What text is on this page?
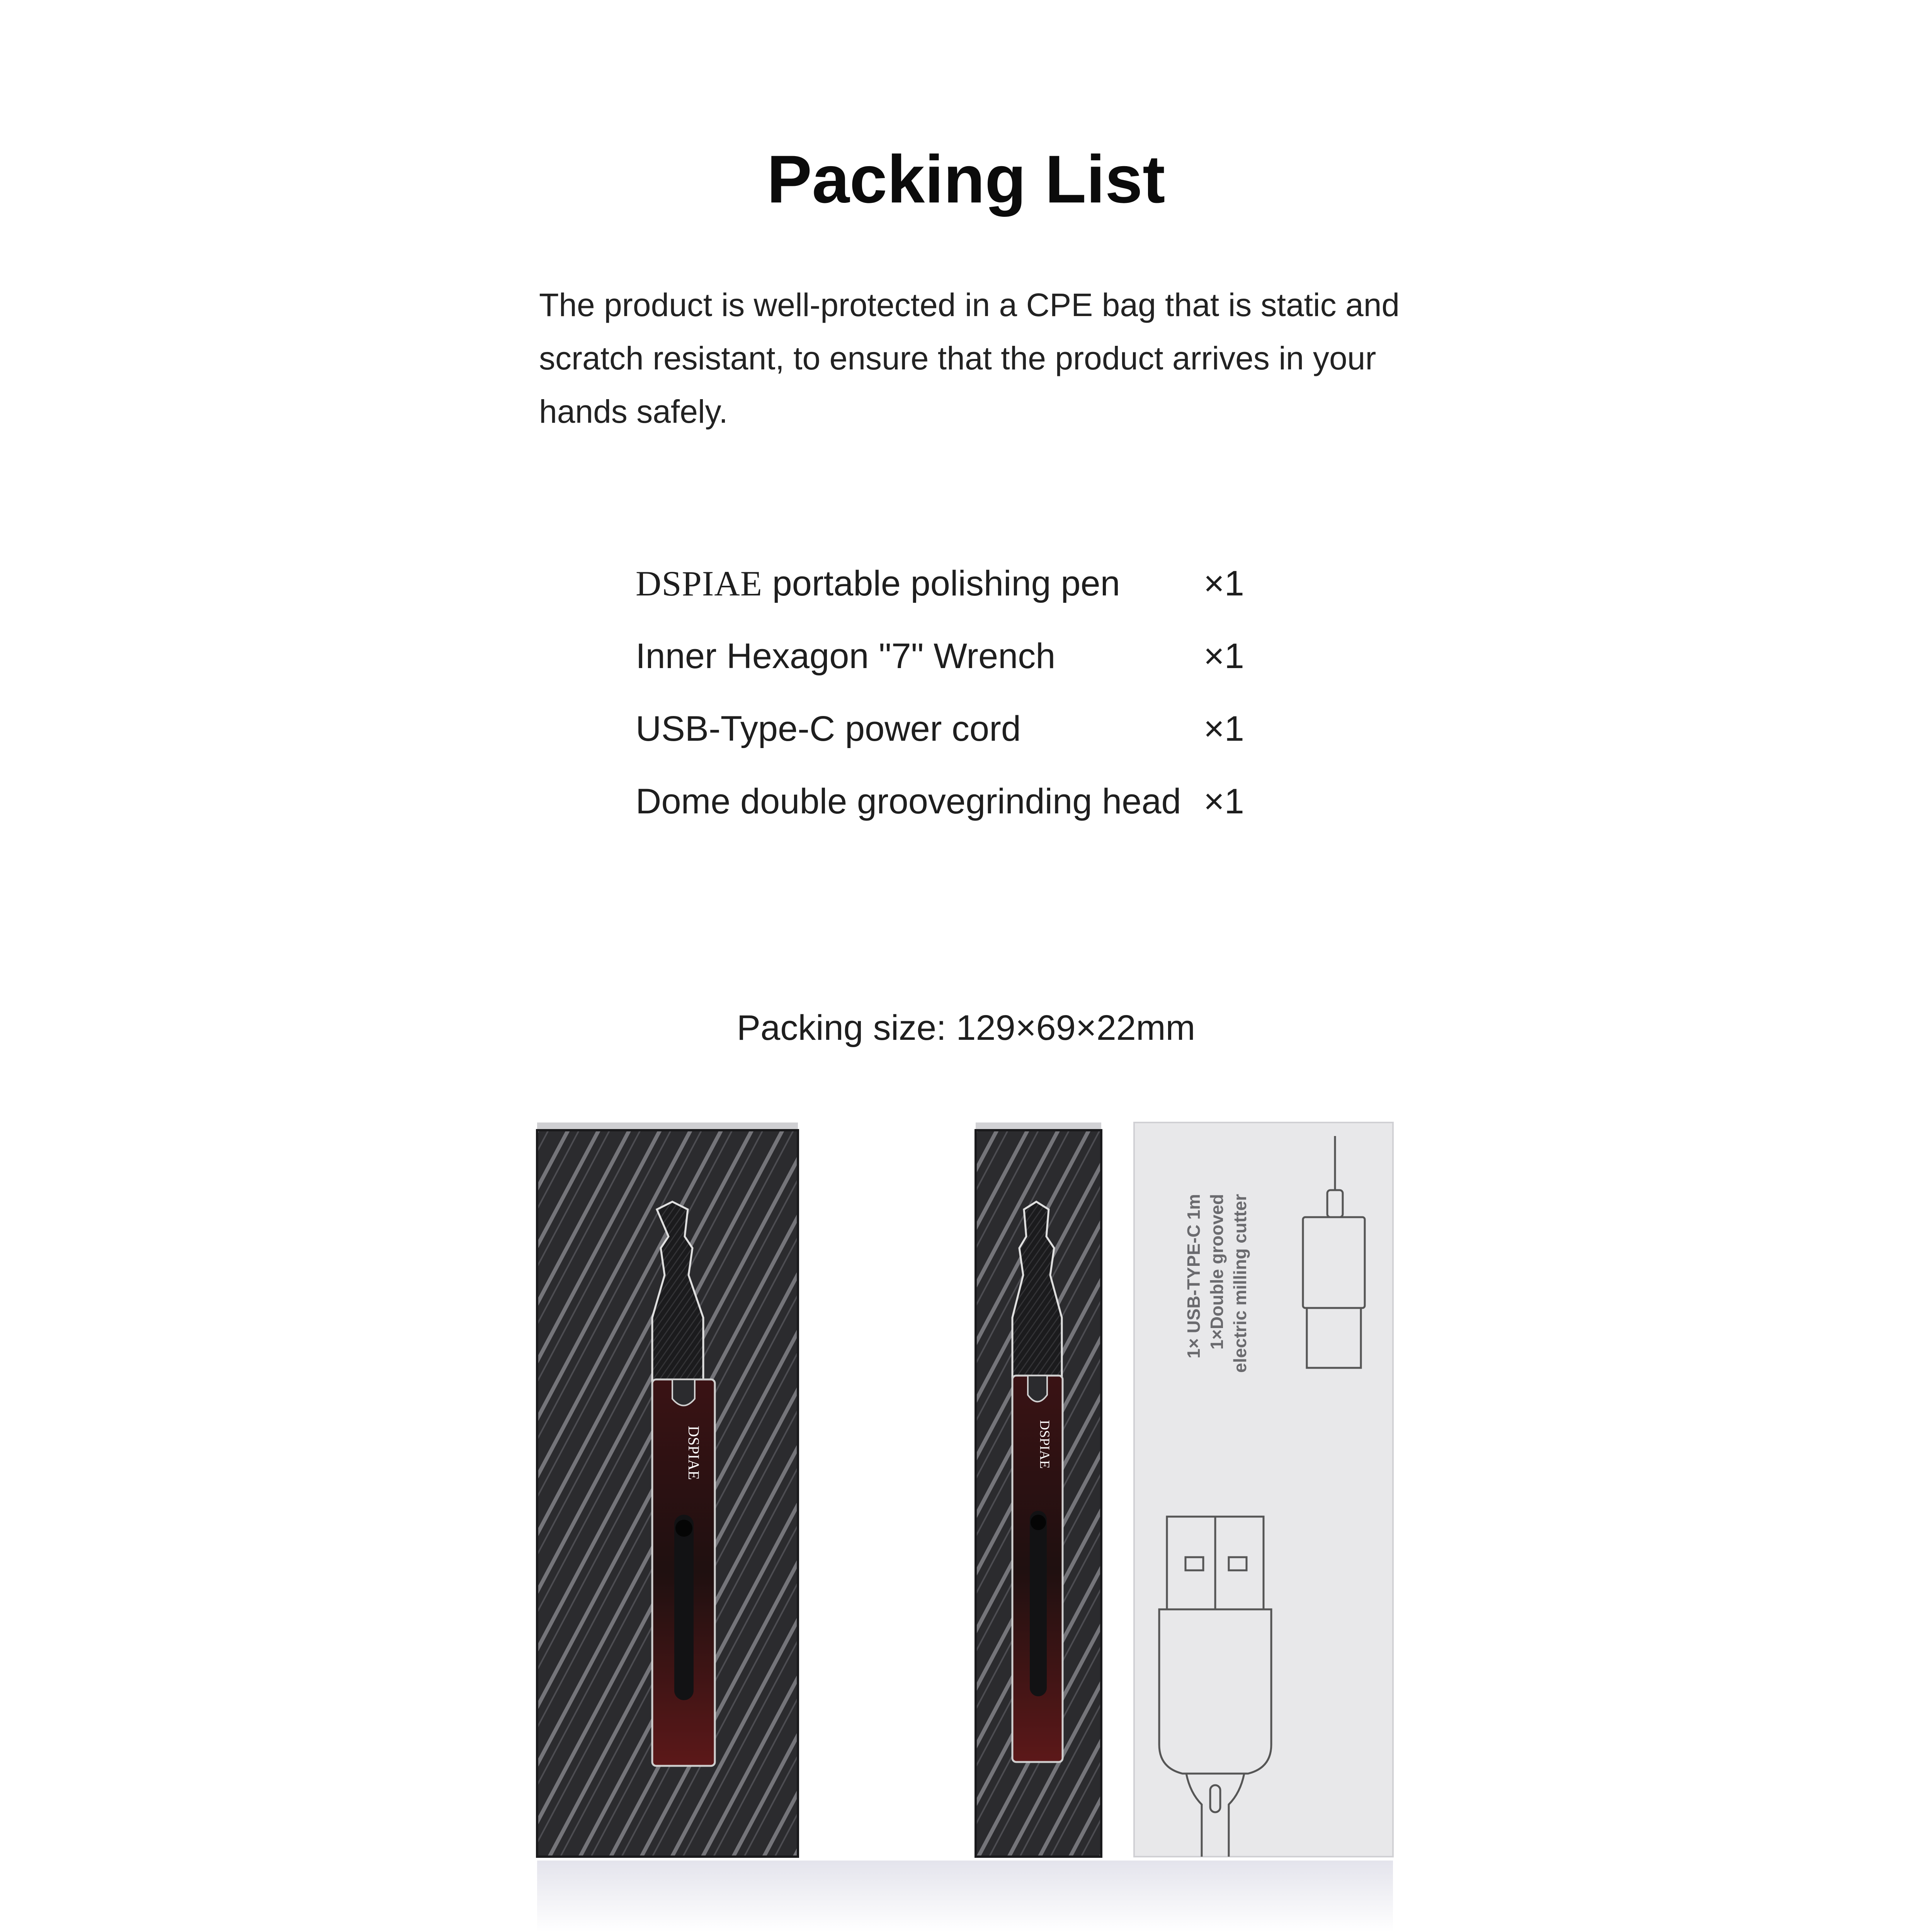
Packing List

The product is well-protected in a CPE bag that is static and scratch resistant, to ensure that the product arrives in your hands safely.

DSPIAE portable polishing pen ×1
Inner Hexagon "7" Wrench	×1
USB-Type-C power cord	×1
Dome double groovegrinding head ×1
Packing size: 129×69×22mm
DSPIAE	DSPIAE
1× USB-TYPE-C 1m 1×Double grooved electric milling cutter
